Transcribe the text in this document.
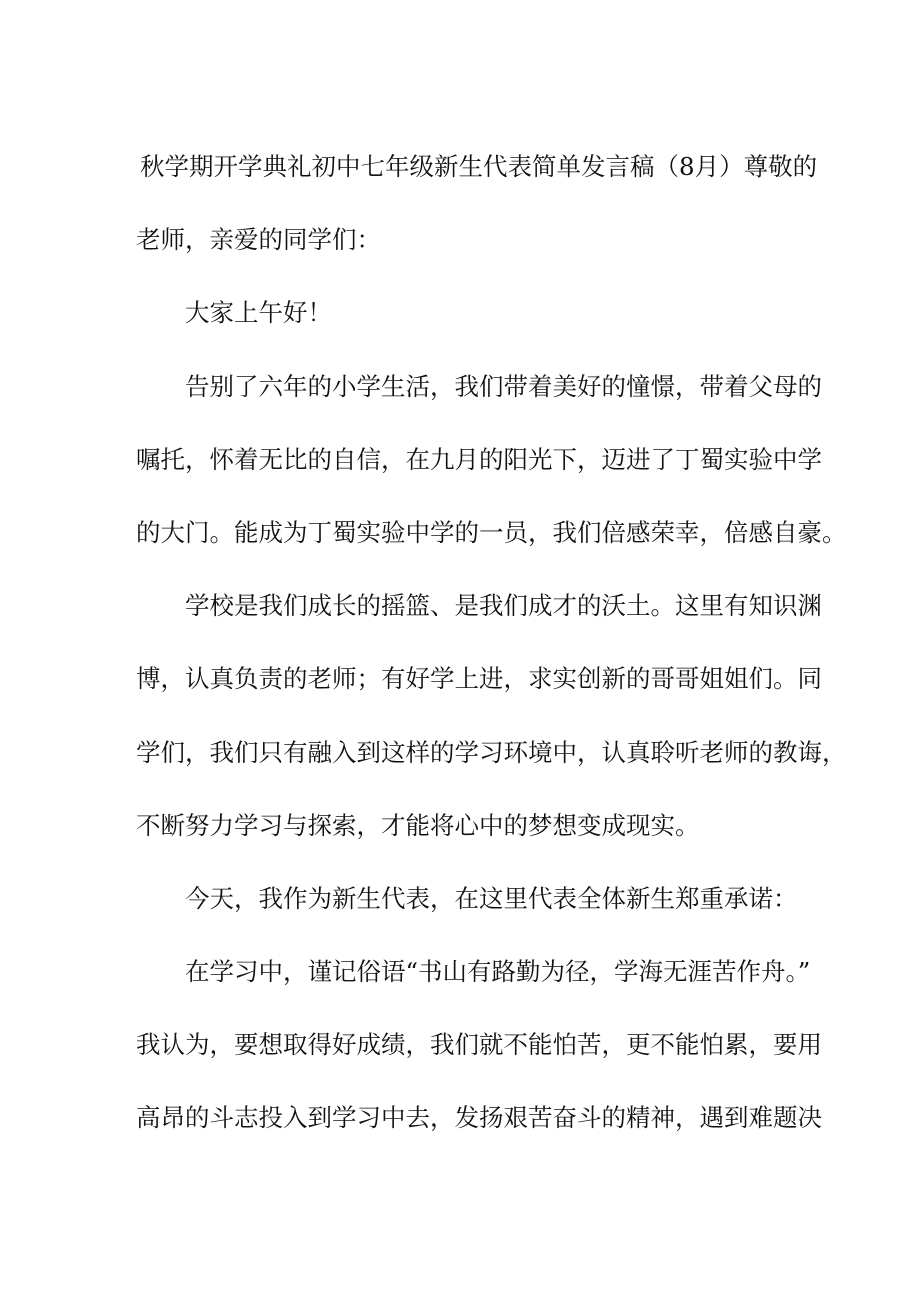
秋学期开学典礼初中七年级新生代表简单发言稿（8月）尊敬的
老师，亲爱的同学们：
大家上午好！
告别了六年的小学生活，我们带着美好的憧憬，带着父母的
嘱托，怀着无比的自信，在九月的阳光下，迈进了丁蜀实验中学
的大门。能成为丁蜀实验中学的一员，我们倍感荣幸，倍感自豪。
学校是我们成长的摇篮、是我们成才的沃土。这里有知识渊
博，认真负责的老师；有好学上进，求实创新的哥哥姐姐们。同
学们，我们只有融入到这样的学习环境中，认真聆听老师的教诲，
不断努力学习与探索，才能将心中的梦想变成现实。
今天，我作为新生代表，在这里代表全体新生郑重承诺：
在学习中，谨记俗语“书山有路勤为径，学海无涯苦作舟。”
我认为，要想取得好成绩，我们就不能怕苦，更不能怕累，要用
高昂的斗志投入到学习中去，发扬艰苦奋斗的精神，遇到难题决
